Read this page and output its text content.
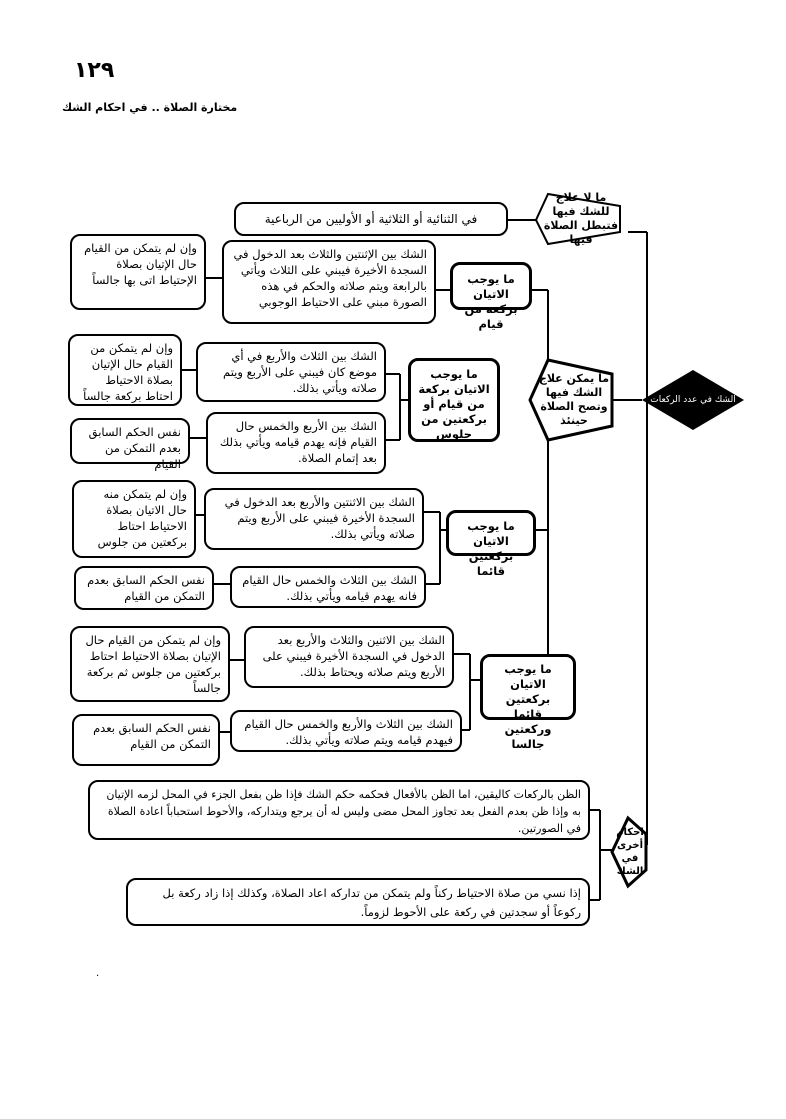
١٢٩
مختارة الصلاة .. في احكام الشك
الشك في عدد الركعات
ما لا علاج للشك فيها فتبطل الصلاة فيها
في الثنائية أو الثلاثية أو الأوليين من الرباعية
ما يمكن علاج الشك فيها وتصح الصلاة حينئذ
ما يوجب الاتيان بركعة من قيام
الشك بين الإثنتين والثلاث بعد الدخول في السجدة الأخيرة فيبني على الثلاث ويأتي بالرابعة ويتم صلاته والحكم في هذه الصورة مبني على الاحتياط الوجوبي
وإن لم يتمكن من القيام حال الإتيان بصلاة الإحتياط اتى بها جالساً
ما يوجب الاتيان بركعة من قيام أو بركعتين من جلوس
الشك بين الثلاث والأربع في أي موضع كان فيبني على الأربع ويتم صلاته ويأتي بذلك.
وإن لم يتمكن من القيام حال الإتيان بصلاة الاحتياط احتاط بركعة جالساً
الشك بين الأربع والخمس حال القيام فإنه يهدم قيامه ويأتي بذلك بعد إتمام الصلاة.
نفس الحكم السابق بعدم التمكن من القيام
ما يوجب الاتيان بركعتين قائما
الشك بين الاثنتين والأربع بعد الدخول في السجدة الأخيرة فيبني على الأربع ويتم صلاته ويأتي بذلك.
وإن لم يتمكن منه حال الاتيان بصلاة الاحتياط احتاط بركعتين من جلوس
الشك بين الثلاث والخمس حال القيام فانه يهدم قيامه ويأتي بذلك.
نفس الحكم السابق بعدم التمكن من القيام
ما يوجب الاتيان بركعتين قائما وركعتين جالسا
الشك بين الاثنين والثلاث والأربع بعد الدخول في السجدة الأخيرة فيبني على الأربع ويتم صلاته ويحتاط بذلك.
وإن لم يتمكن من القيام حال الإتيان بصلاة الاحتياط احتاط بركعتين من جلوس ثم بركعة جالساً
الشك بين الثلاث والأربع والخمس حال القيام فيهدم قيامه ويتم صلاته ويأتي بذلك.
نفس الحكم السابق بعدم التمكن من القيام
احكام أخرى في الشك
الظن بالركعات كاليقين، اما الظن بالأفعال فحكمه حكم الشك فإذا ظن بفعل الجزء في المحل لزمه الإتيان به وإذا ظن بعدم الفعل بعد تجاوز المحل مضى وليس له أن يرجع ويتداركه، والأحوط استحباباً اعادة الصلاة في الصورتين.
إذا نسي من صلاة الاحتياط ركناً ولم يتمكن من تداركه اعاد الصلاة، وكذلك إذا زاد ركعة بل ركوعاً أو سجدتين في ركعة على الأحوط لزوماً.
·
